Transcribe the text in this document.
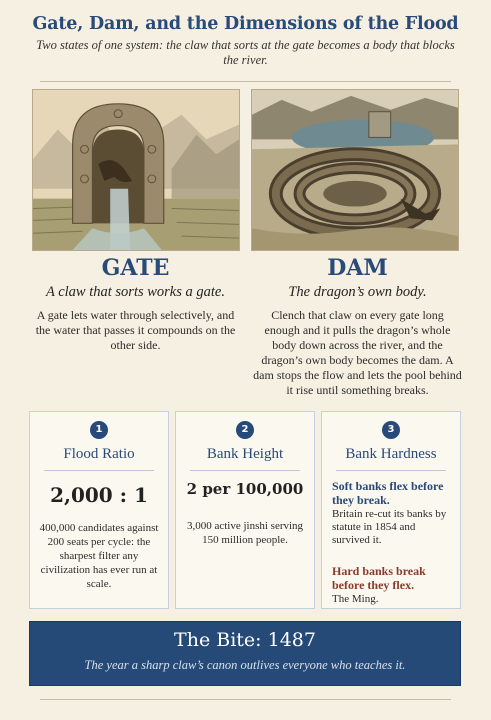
Gate, Dam, and the Dimensions of the Flood
Two states of one system: the claw that sorts at the gate becomes a body that blocks the river.
GATE
A claw that sorts works a gate.
A gate lets water through selectively, and the water that passes it compounds on the other side.
DAM
The dragon’s own body.
Clench that claw on every gate long enough and it pulls the dragon’s whole body down across the river, and the dragon’s own body becomes the dam. A dam stops the flow and lets the pool behind it rise until something breaks.
1
Flood Ratio
2,000 : 1
400,000 candidates against 200 seats per cycle: the sharpest filter any civilization has ever run at scale.
2
Bank Height
2 per 100,000
3,000 active jinshi serving 150 million people.
3
Bank Hardness
Soft banks flex before they break.
Britain re-cut its banks by statute in 1854 and survived it.
Hard banks break before they flex.
The Ming.
The Bite: 1487
The year a sharp claw’s canon outlives everyone who teaches it.
